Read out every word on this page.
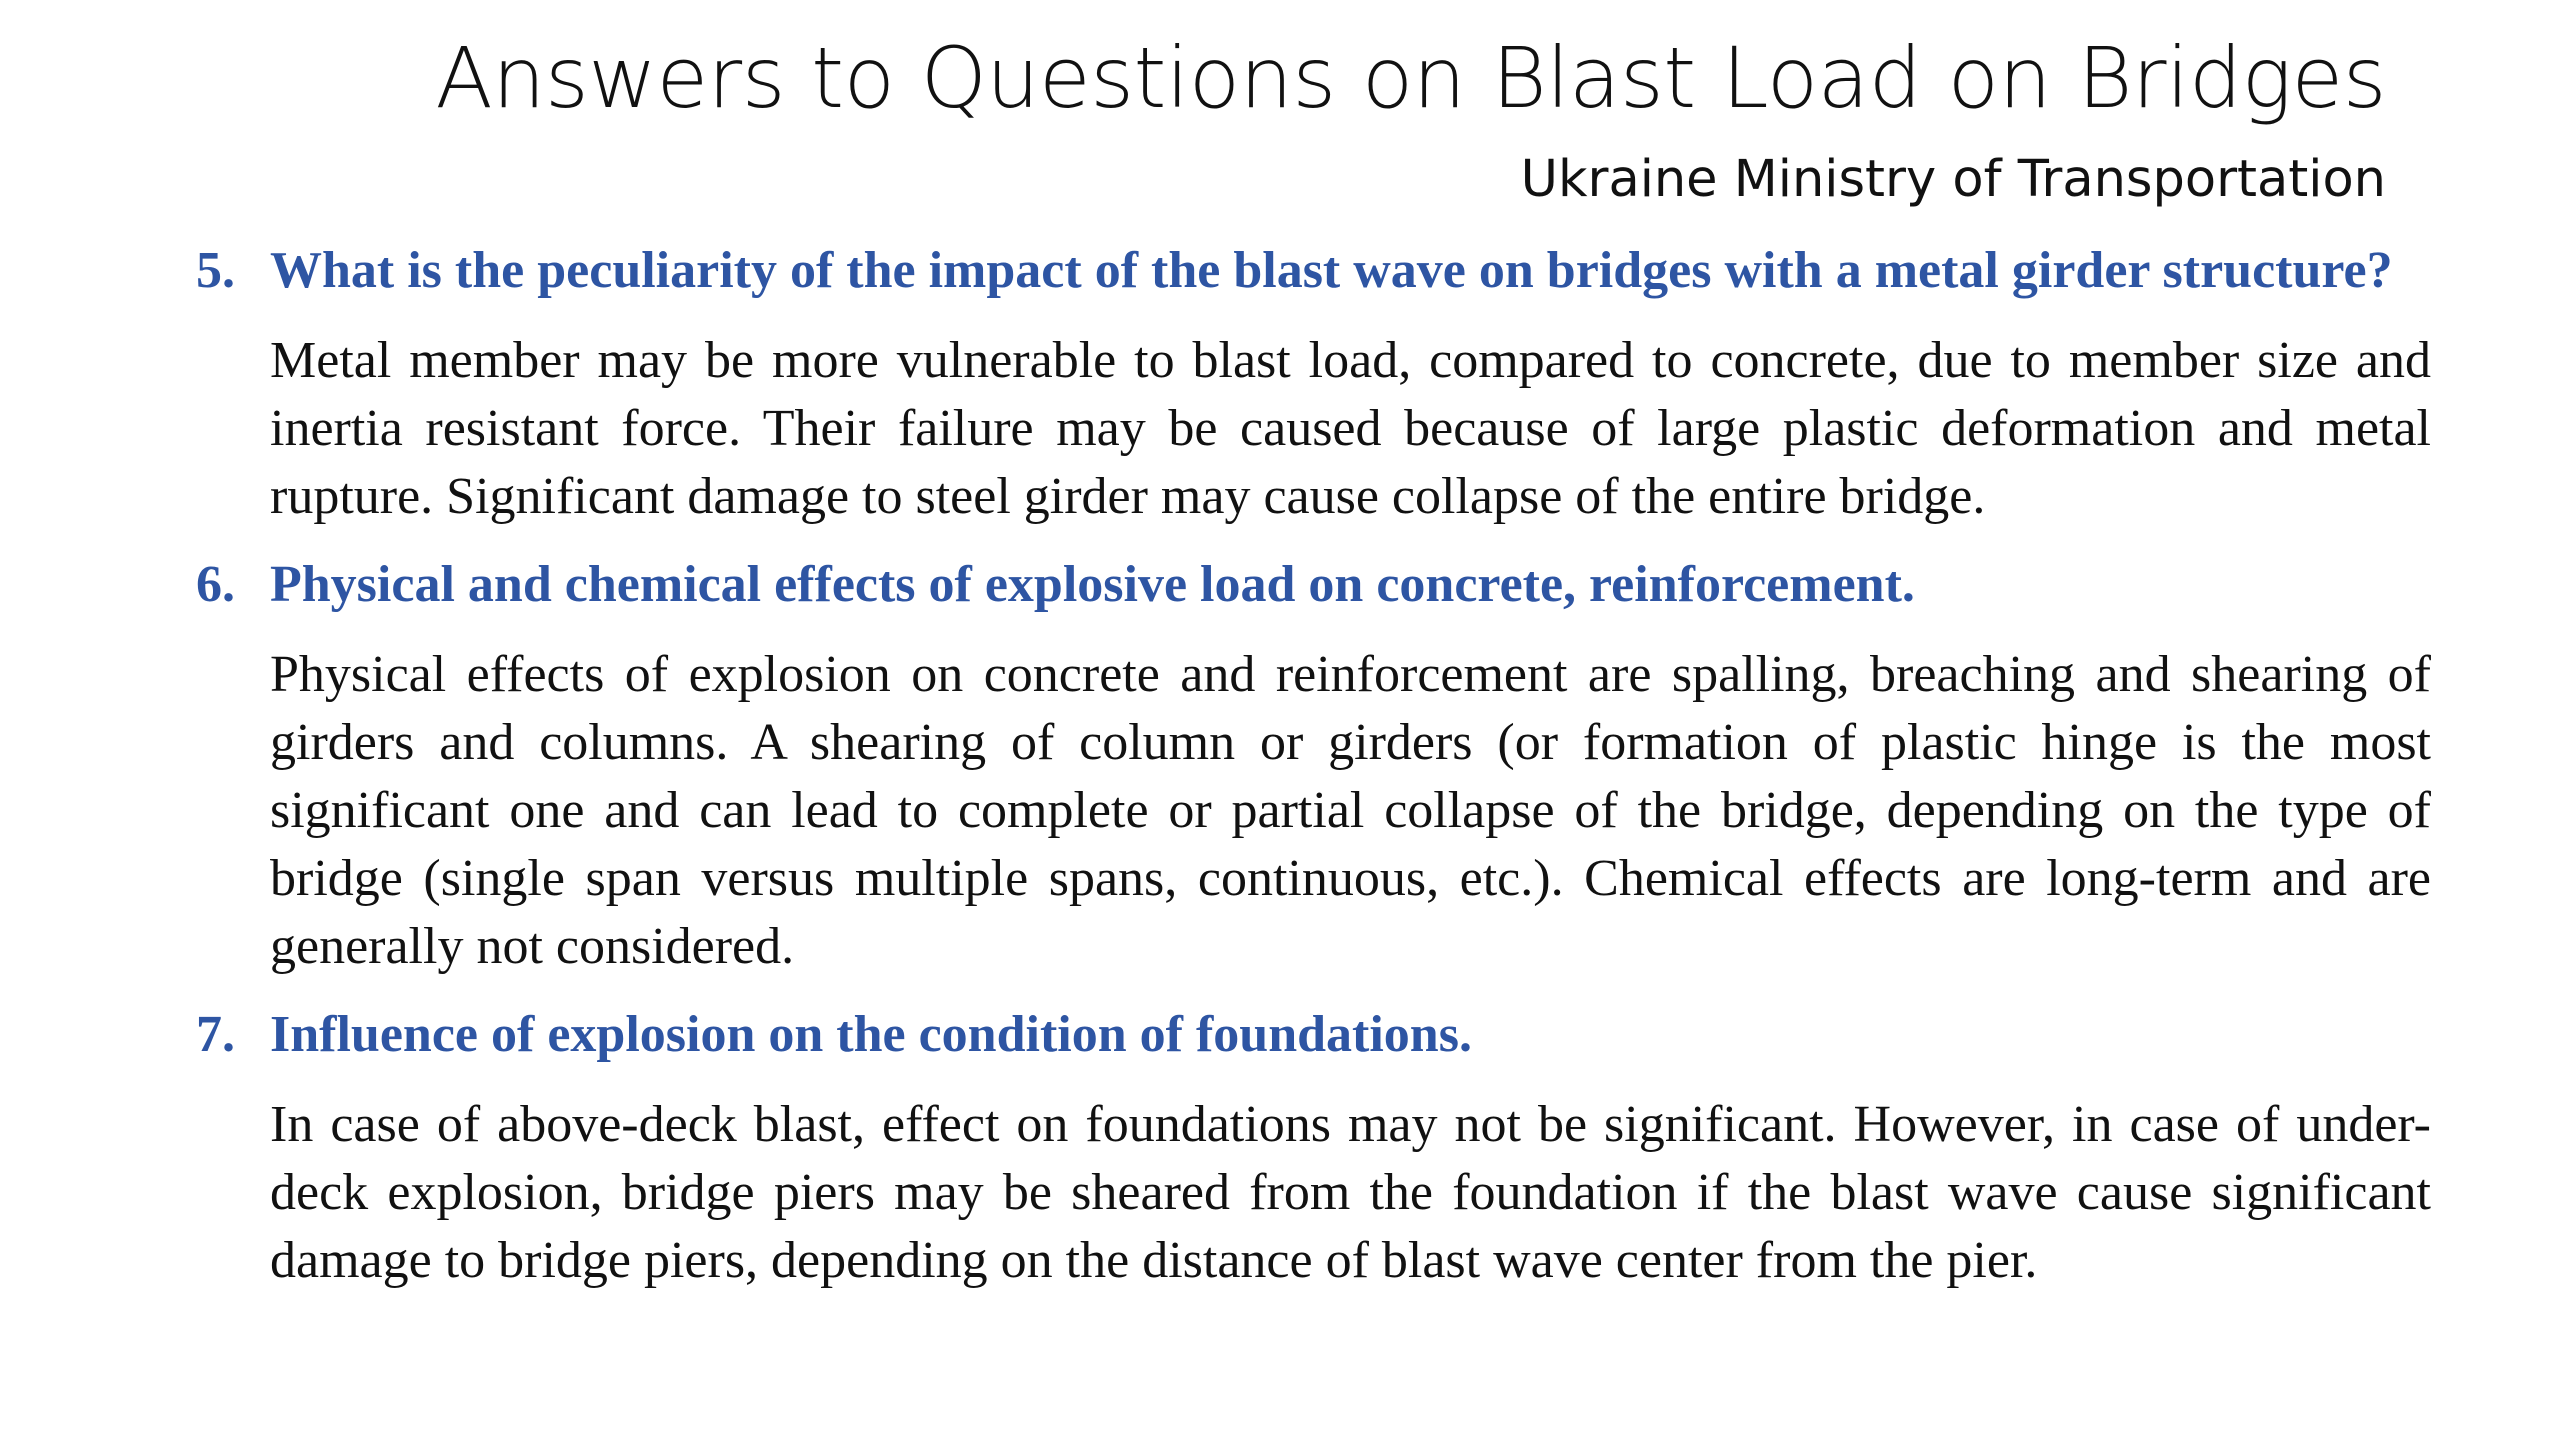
Answers to Questions on Blast Load on Bridges
Ukraine Ministry of Transportation
5. What is the peculiarity of the impact of the blast wave on bridges with a metal girder structure?
Metal member may be more vulnerable to blast load, compared to concrete, due to member size and inertia resistant force. Their failure may be caused because of large plastic deformation and metal rupture. Significant damage to steel girder may cause collapse of the entire bridge.
6. Physical and chemical effects of explosive load on concrete, reinforcement.
Physical effects of explosion on concrete and reinforcement are spalling, breaching and shearing of girders and columns. A shearing of column or girders (or formation of plastic hinge is the most significant one and can lead to complete or partial collapse of the bridge, depending on the type of bridge (single span versus multiple spans, continuous, etc.). Chemical effects are long-term and are generally not considered.
7. Influence of explosion on the condition of foundations.
In case of above-deck blast, effect on foundations may not be significant. However, in case of under-deck explosion, bridge piers may be sheared from the foundation if the blast wave cause significant damage to bridge piers, depending on the distance of blast wave center from the pier.
